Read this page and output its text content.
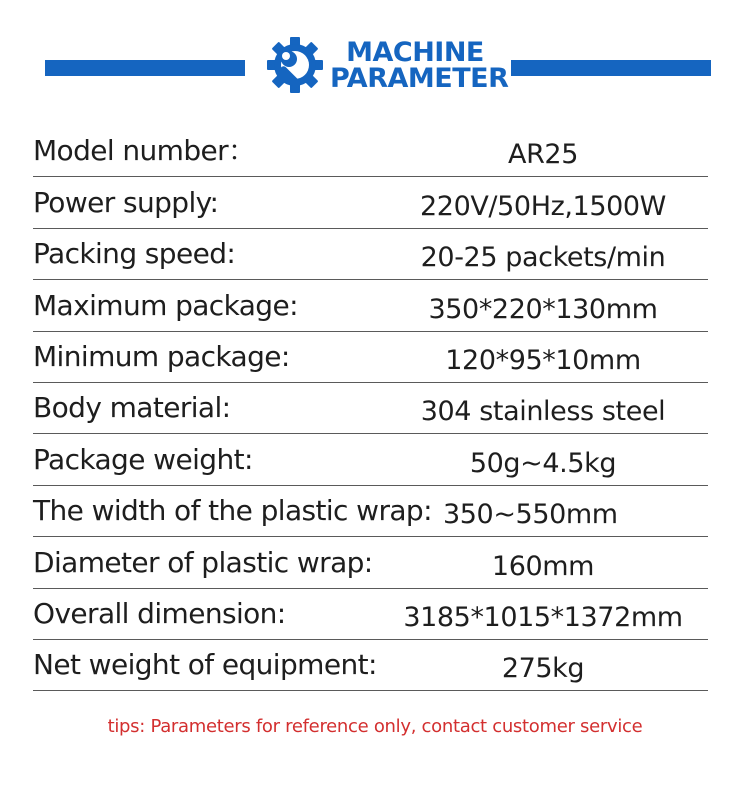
MACHINE
PARAMETER
Model number：	AR25
Power supply:	220V/50Hz,1500W
Packing speed:	20-25 packets/min
Maximum package:	350*220*130mm
Minimum package:	120*95*10mm
Body material:	304 stainless steel
Package weight:	50g~4.5kg
The width of the plastic wrap: 350~550mm
Diameter of plastic wrap:	160mm
Overall dimension:	3185*1015*1372mm
Net weight of equipment:	275kg
tips: Parameters for reference only, contact customer service
